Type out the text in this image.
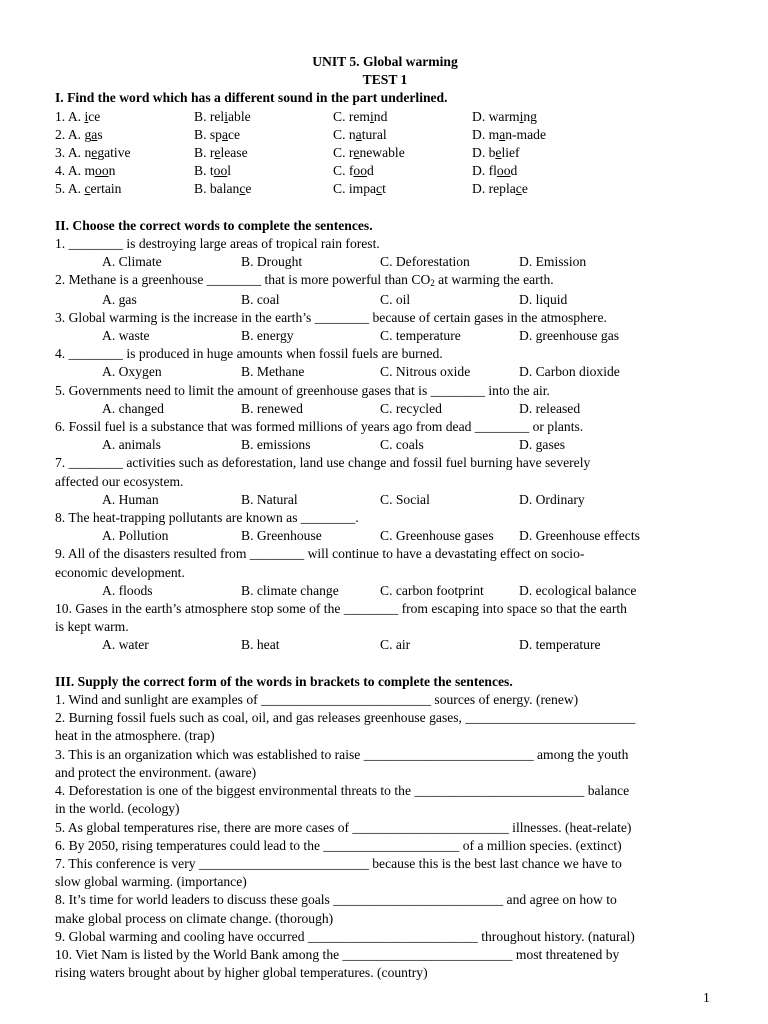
UNIT 5. Global warming
TEST 1
I. Find the word which has a different sound in the part underlined.
1. A. ice	B. reliable	C. remind	D. warming
2. A. gas	B. space	C. natural	D. man-made
3. A. negative	B. release	C. renewable	D. belief
4. A. moon	B. tool	C. food	D. flood
5. A. certain	B. balance	C. impact	D. replace
II. Choose the correct words to complete the sentences.
1. ________ is destroying large areas of tropical rain forest.
A. Climate	B. Drought	C. Deforestation	D. Emission
2. Methane is a greenhouse ________ that is more powerful than $CO_2$ at warming the earth.
A. gas	B. coal	C. oil	D. liquid
3. Global warming is the increase in the earth’s ________ because of certain gases in the atmosphere.
A. waste	B. energy	C. temperature	D. greenhouse gas
4. ________ is produced in huge amounts when fossil fuels are burned.
A. Oxygen	B. Methane	C. Nitrous oxide	D. Carbon dioxide
5. Governments need to limit the amount of greenhouse gases that is ________ into the air.
A. changed	B. renewed	C. recycled	D. released
6. Fossil fuel is a substance that was formed millions of years ago from dead ________ or plants.
A. animals	B. emissions	C. coals	D. gases
7. ________ activities such as deforestation, land use change and fossil fuel burning have severely
affected our ecosystem.
A. Human	B. Natural	C. Social	D. Ordinary
8. The heat-trapping pollutants are known as ________.
A. Pollution	B. Greenhouse	C. Greenhouse gases	D. Greenhouse effects
9. All of the disasters resulted from ________ will continue to have a devastating effect on socio-
economic development.
A. floods	B. climate change	C. carbon footprint	D. ecological balance
10. Gases in the earth’s atmosphere stop some of the ________ from escaping into space so that the earth
is kept warm.
A. water	B. heat	C. air	D. temperature
III. Supply the correct form of the words in brackets to complete the sentences.
1. Wind and sunlight are examples of _________________________ sources of energy. (renew)
2. Burning fossil fuels such as coal, oil, and gas releases greenhouse gases, _________________________
heat in the atmosphere. (trap)
3. This is an organization which was established to raise _________________________ among the youth
and protect the environment. (aware)
4. Deforestation is one of the biggest environmental threats to the _________________________ balance
in the world. (ecology)
5. As global temperatures rise, there are more cases of _______________________ illnesses. (heat-relate)
6. By 2050, rising temperatures could lead to the ____________________ of a million species. (extinct)
7. This conference is very _________________________ because this is the best last chance we have to
slow global warming. (importance)
8. It’s time for world leaders to discuss these goals _________________________ and agree on how to
make global process on climate change. (thorough)
9. Global warming and cooling have occurred _________________________ throughout history. (natural)
10. Viet Nam is listed by the World Bank among the _________________________ most threatened by
rising waters brought about by higher global temperatures. (country)
1
